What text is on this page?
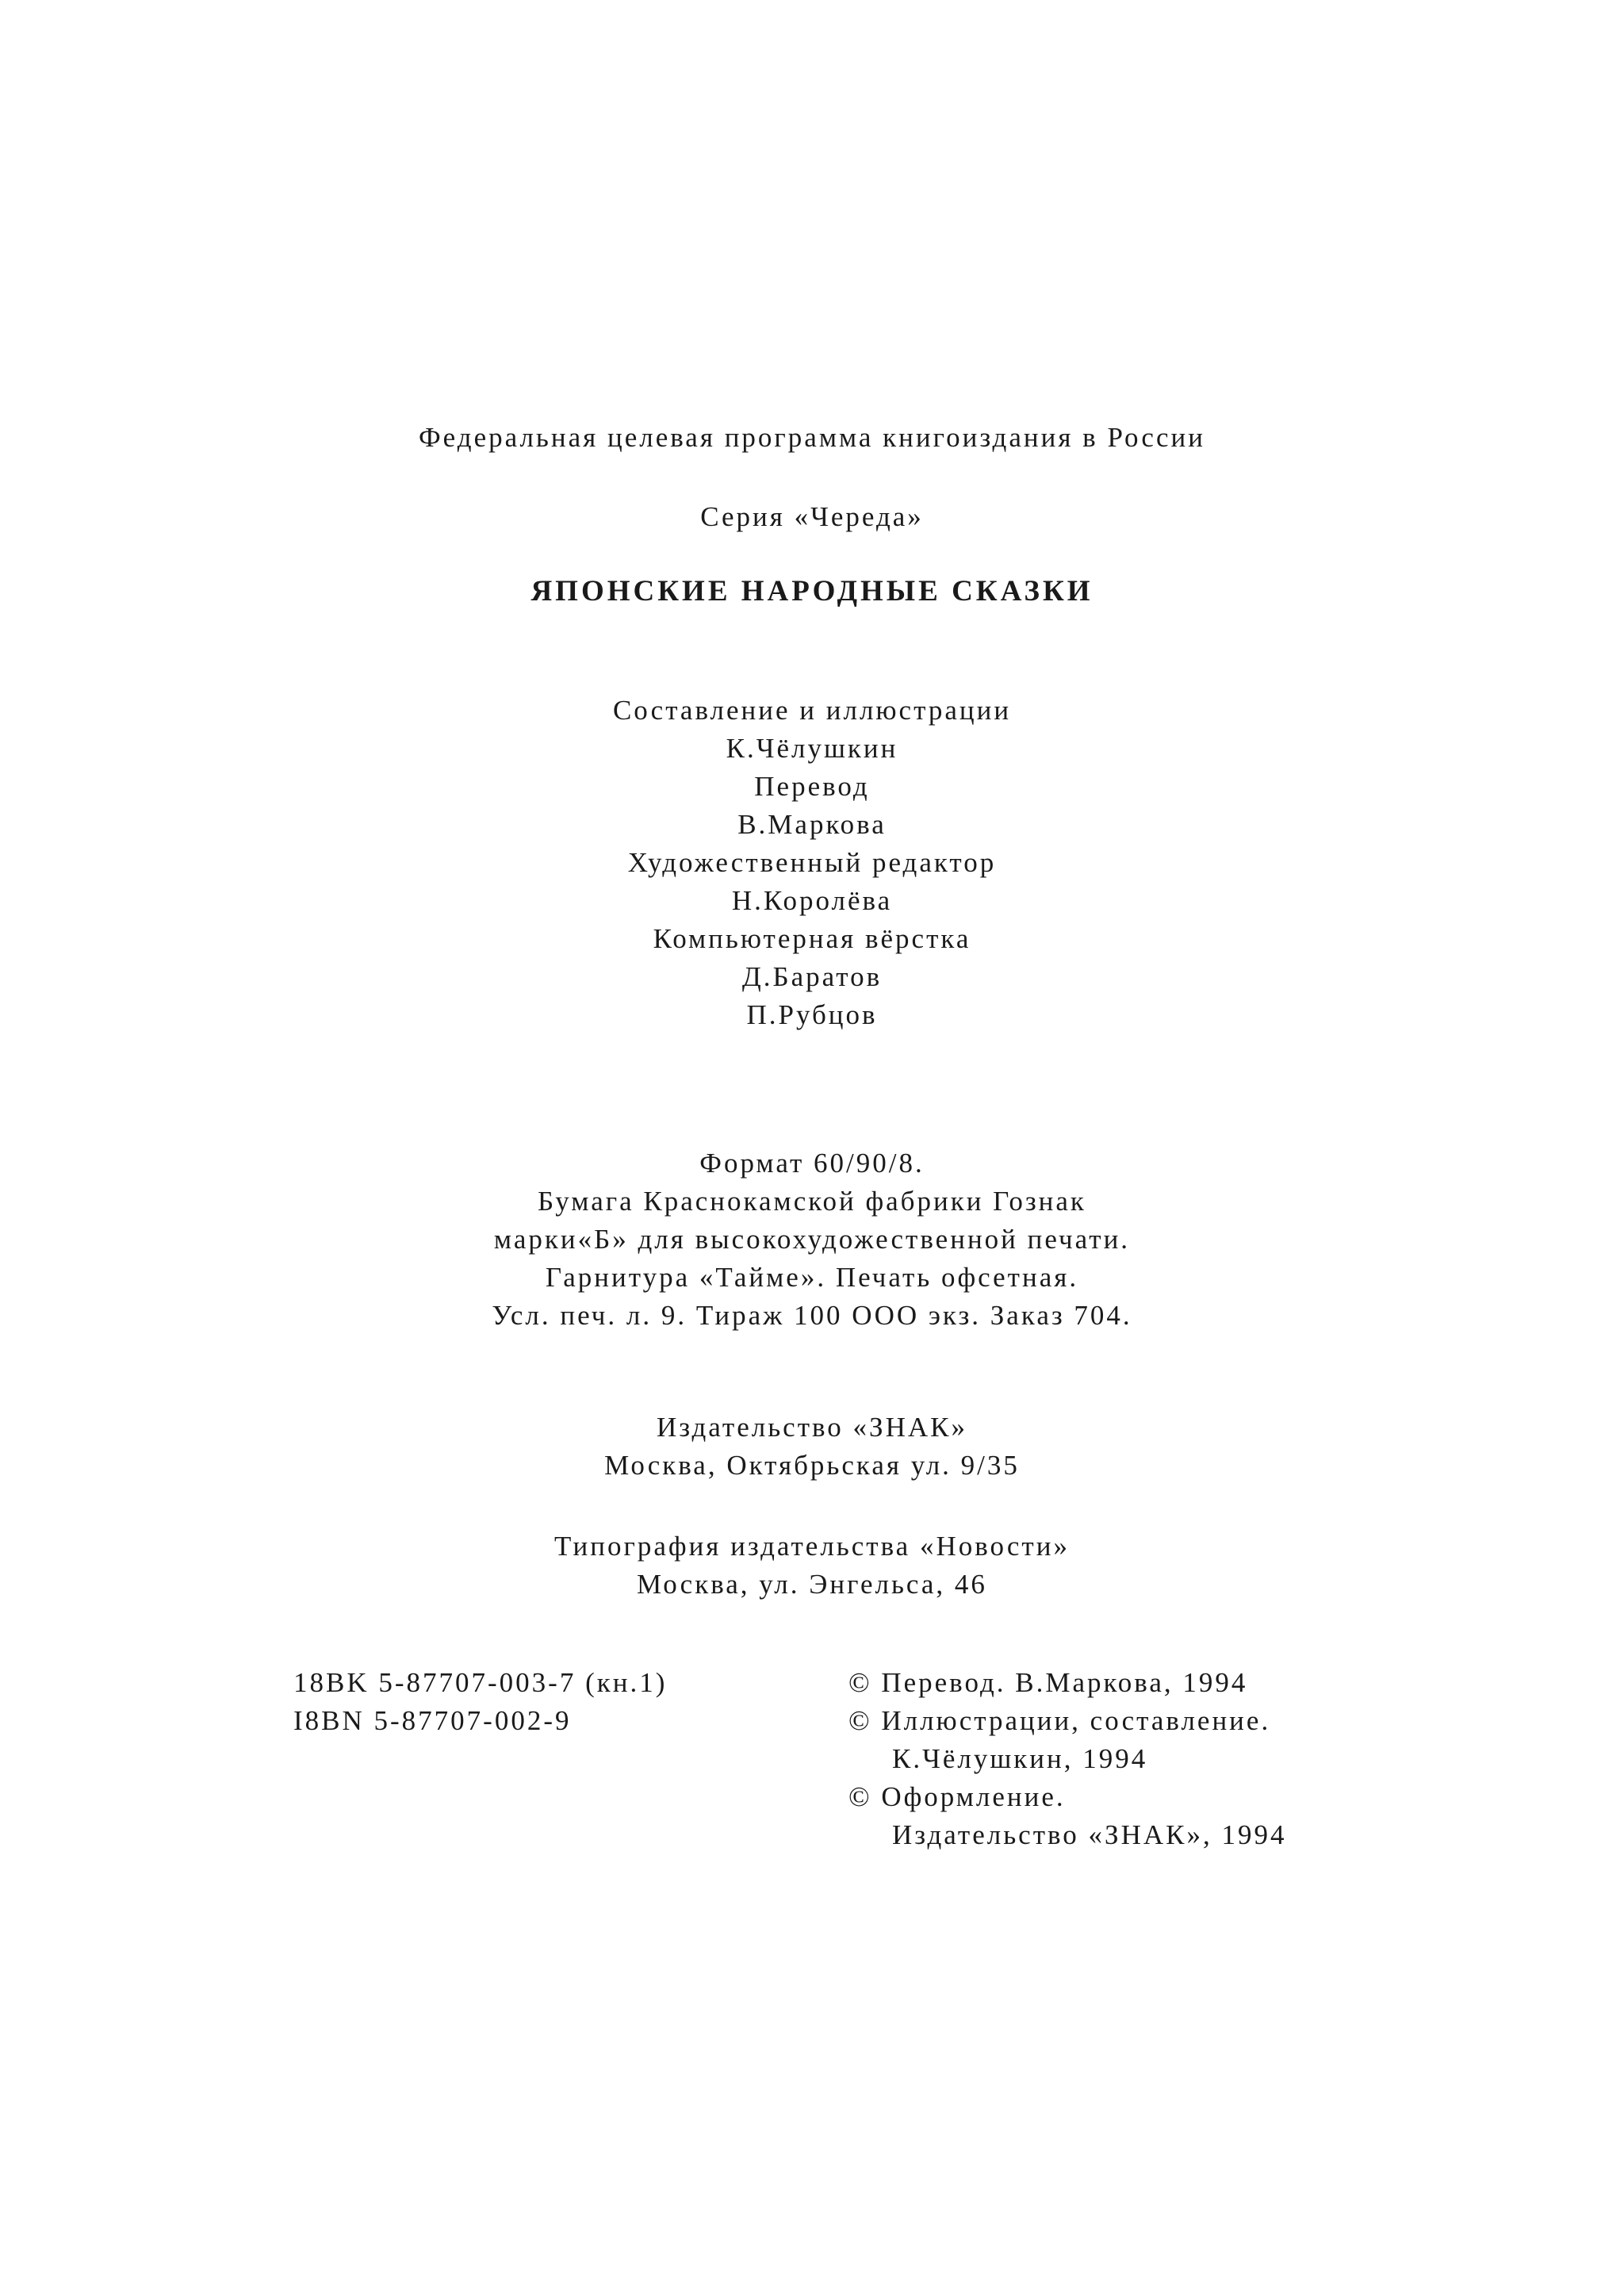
Федеральная целевая программа книгоиздания в России
Серия «Череда»
ЯПОНСКИЕ НАРОДНЫЕ СКАЗКИ
Составление и иллюстрации
К.Чёлушкин
Перевод
В.Маркова
Художественный редактор
Н.Королёва
Компьютерная вёрстка
Д.Баратов
П.Рубцов
Формат 60/90/8.
Бумага Краснокамской фабрики Гознак
марки«Б» для высокохудожественной печати.
Гарнитура «Тайме». Печать офсетная.
Усл. печ. л. 9. Тираж 100 ООО экз. Заказ 704.
Издательство «ЗНАК»
Москва, Октябрьская ул. 9/35
Типография издательства «Новости»
Москва, ул. Энгельса, 46
18BK 5-87707-003-7 (кн.1)
I8BN 5-87707-002-9
© Перевод. В.Маркова, 1994
© Иллюстрации, составление.
К.Чёлушкин, 1994
© Оформление.
Издательство «ЗНАК», 1994
